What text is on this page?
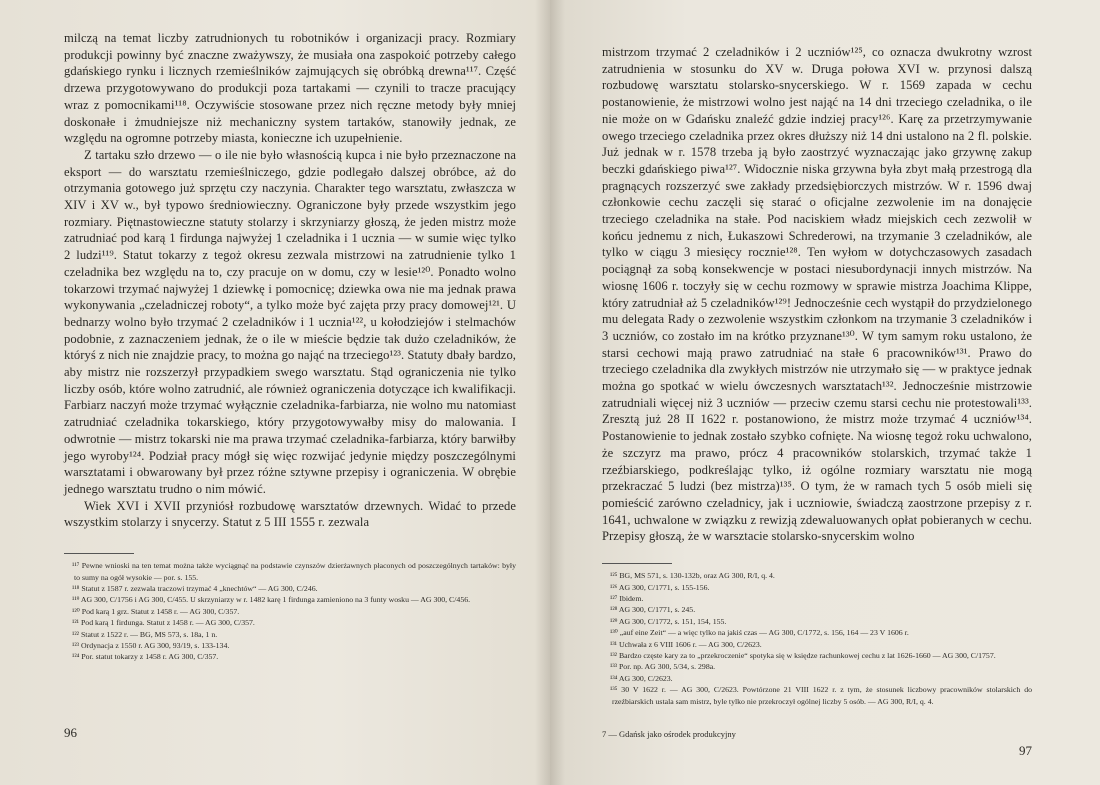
milczą na temat liczby zatrudnionych tu robotników i organizacji pracy. Rozmiary produkcji powinny być znaczne zważywszy, że musiała ona zaspokoić potrzeby całego gdańskiego rynku i licznych rzemieślników zajmujących się obróbką drewna¹¹⁷. Część drzewa przygotowywano do produkcji poza tartakami — czynili to tracze pracujący wraz z pomocnikami¹¹⁸. Oczywiście stosowane przez nich ręczne metody były mniej doskonałe i żmudniejsze niż mechaniczny system tartaków, stanowiły jednak, ze względu na ogromne potrzeby miasta, konieczne ich uzupełnienie.

Z tartaku szło drzewo — o ile nie było własnością kupca i nie było przeznaczone na eksport — do warsztatu rzemieślniczego, gdzie podlegało dalszej obróbce, aż do otrzymania gotowego już sprzętu czy naczynia. Charakter tego warsztatu, zwłaszcza w XIV i XV w., był typowo średniowieczny. Ograniczone były przede wszystkim jego rozmiary. Piętnastowieczne statuty stolarzy i skrzyniarzy głoszą, że jeden mistrz może zatrudniać pod karą 1 firdunga najwyżej 1 czeladnika i 1 ucznia — w sumie więc tylko 2 ludzi¹¹⁹. Statut tokarzy z tegoż okresu zezwala mistrzowi na zatrudnienie tylko 1 czeladnika bez względu na to, czy pracuje on w domu, czy w lesie¹²⁰. Ponadto wolno tokarzowi trzymać najwyżej 1 dziewkę i pomocnicę; dziewka owa nie ma jednak prawa wykonywania „czeladniczej roboty“, a tylko może być zajęta przy pracy domowej¹²¹. U bednarzy wolno było trzymać 2 czeladników i 1 ucznia¹²², u kołodziejów i stelmachów podobnie, z zaznaczeniem jednak, że o ile w mieście będzie tak dużo czeladników, że któryś z nich nie znajdzie pracy, to można go nająć na trzeciego¹²³. Statuty dbały bardzo, aby mistrz nie rozszerzył przypadkiem swego warsztatu. Stąd ograniczenia nie tylko liczby osób, które wolno zatrudnić, ale również ograniczenia dotyczące ich kwalifikacji. Farbiarz naczyń może trzymać wyłącznie czeladnika-farbiarza, nie wolno mu natomiast zatrudniać czeladnika tokarskiego, który przygotowywałby misy do malowania. I odwrotnie — mistrz tokarski nie ma prawa trzymać czeladnika-farbiarza, który barwiłby jego wyroby¹²⁴. Podział pracy mógł się więc rozwijać jedynie między poszczególnymi warsztatami i obwarowany był przez różne sztywne przepisy i ograniczenia. W obrębie jednego warsztatu trudno o nim mówić.

Wiek XVI i XVII przyniósł rozbudowę warsztatów drzewnych. Widać to przede wszystkim stolarzy i snycerzy. Statut z 5 III 1555 r. zezwala

¹¹⁷ Pewne wnioski na ten temat można także wyciągnąć na podstawie czynszów dzierżawnych płaconych od poszczególnych tartaków: były to sumy na ogół wysokie — por. s. 155.

¹¹⁸ Statut z 1587 r. zezwala traczowi trzymać 4 „knechtów“ — AG 300, C/246.

¹¹⁹ AG 300, C/1756 i AG 300, C/455. U skrzyniarzy w r. 1482 karę 1 firdunga zamieniono na 3 funty wosku — AG 300, C/456.

¹²⁰ Pod karą 1 grz. Statut z 1458 r. — AG 300, C/357.

¹²¹ Pod karą 1 firdunga. Statut z 1458 r. — AG 300, C/357.

¹²² Statut z 1522 r. — BG, MS 573, s. 18a, 1 n.

¹²³ Ordynacja z 1550 r. AG 300, 93/19, s. 133-134.

¹²⁴ Por. statut tokarzy z 1458 r. AG 300, C/357.

96

mistrzom trzymać 2 czeladników i 2 uczniów¹²⁵, co oznacza dwukrotny wzrost zatrudnienia w stosunku do XV w. Druga połowa XVI w. przynosi dalszą rozbudowę warsztatu stolarsko-snycerskiego. W r. 1569 zapada w cechu postanowienie, że mistrzowi wolno jest nająć na 14 dni trzeciego czeladnika, o ile nie może on w Gdańsku znaleźć gdzie indziej pracy¹²⁶. Karę za przetrzymywanie owego trzeciego czeladnika przez okres dłuższy niż 14 dni ustalono na 2 fl. polskie. Już jednak w r. 1578 trzeba ją było zaostrzyć wyznaczając jako grzywnę zakup beczki gdańskiego piwa¹²⁷. Widocznie niska grzywna była zbyt małą przestrogą dla pragnących rozszerzyć swe zakłady przedsiębiorczych mistrzów. W r. 1596 dwaj członkowie cechu zaczęli się starać o oficjalne zezwolenie im na donajęcie trzeciego czeladnika na stałe. Pod naciskiem władz miejskich cech zezwolił w końcu jednemu z nich, Łukaszowi Schrederowi, na trzymanie 3 czeladników, ale tylko w ciągu 3 miesięcy rocznie¹²⁸. Ten wyłom w dotychczasowych zasadach pociągnął za sobą konsekwencje w postaci niesubordynacji innych mistrzów. Na wiosnę 1606 r. toczyły się w cechu rozmowy w sprawie mistrza Joachima Klippe, który zatrudniał aż 5 czeladników¹²⁹! Jednocześnie cech wystąpił do przydzielonego mu delegata Rady o zezwolenie wszystkim członkom na trzymanie 3 czeladników i 3 uczniów, co zostało im na krótko przyznane¹³⁰. W tym samym roku ustalono, że starsi cechowi mają prawo zatrudniać na stałe 6 pracowników¹³¹. Prawo do trzeciego czeladnika dla zwykłych mistrzów nie utrzymało się — w praktyce jednak można go spotkać w wielu ówczesnych warsztatach¹³². Jednocześnie mistrzowie zatrudniali więcej niż 3 uczniów — przeciw czemu starsi cechu nie protestowali¹³³. Zresztą już 28 II 1622 r. postanowiono, że mistrz może trzymać 4 uczniów¹³⁴. Postanowienie to jednak zostało szybko cofnięte. Na wiosnę tegoż roku uchwalono, że szczyrz ma prawo, prócz 4 pracowników stolarskich, trzymać także 1 rzeźbiarskiego, podkreślając tylko, iż ogólne rozmiary warsztatu nie mogą przekraczać 5 ludzi (bez mistrza)¹³⁵. O tym, że w ramach tych 5 osób mieli się pomieścić zarówno czeladnicy, jak i uczniowie, świadczą zaostrzone przepisy z r. 1641, uchwalone w związku z rewizją zdewaluowanych opłat pobieranych w cechu. Przepisy głoszą, że w warsztacie stolarsko-snycerskim wolno

¹²⁵ BG, MS 571, s. 130-132b, oraz AG 300, R/I, q. 4.

¹²⁶ AG 300, C/1771, s. 155-156.

¹²⁷ Ibidem.

¹²⁸ AG 300, C/1771, s. 245.

¹²⁹ AG 300, C/1772, s. 151, 154, 155.

¹³⁰ „auf eine Zeit“ — a więc tylko na jakiś czas — AG 300, C/1772, s. 156, 164 — 23 V 1606 r.

¹³¹ Uchwała z 6 VIII 1606 r. — AG 300, C/2623.

¹³² Bardzo częste kary za to „przekroczenie“ spotyka się w księdze rachunkowej cechu z lat 1626-1660 — AG 300, C/1757.

¹³³ Por. np. AG 300, 5/34, s. 298a.

¹³⁴ AG 300, C/2623.

¹³⁵ 30 V 1622 r. — AG 300, C/2623. Powtórzone 21 VIII 1622 r. z tym, że stosunek liczbowy pracowników stolarskich do rzeźbiarskich ustala sam mistrz, byle tylko nie przekroczył ogólnej liczby 5 osób. — AG 300, R/I, q. 4.

7 — Gdańsk jako ośrodek produkcyjny
97
